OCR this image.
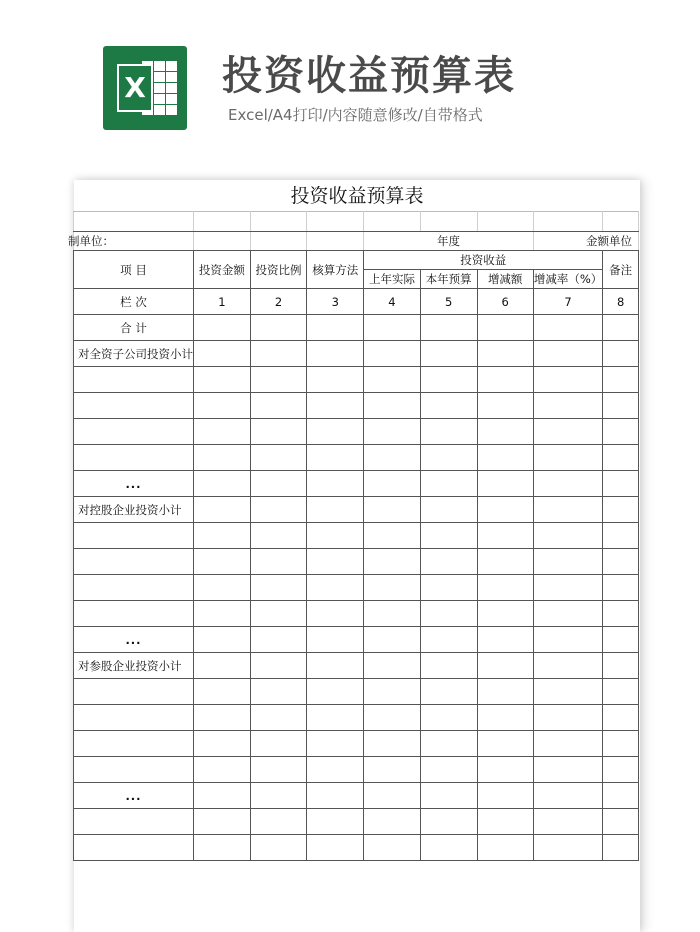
X 投资收益预算表
Excel/A4打印/内容随意修改/自带格式
投资收益预算表

制单位：				年度			金额单位	
项 目	投资金额	投资比例	核算方法	投资收益				备注
				上年实际	本年预算	增减额	增减率（%）	
栏 次	1	2	3	4	5	6	7	8
合 计								
对全资子公司投资小计								

...								
对控股企业投资小计								

...								
对参股企业投资小计								

...								
